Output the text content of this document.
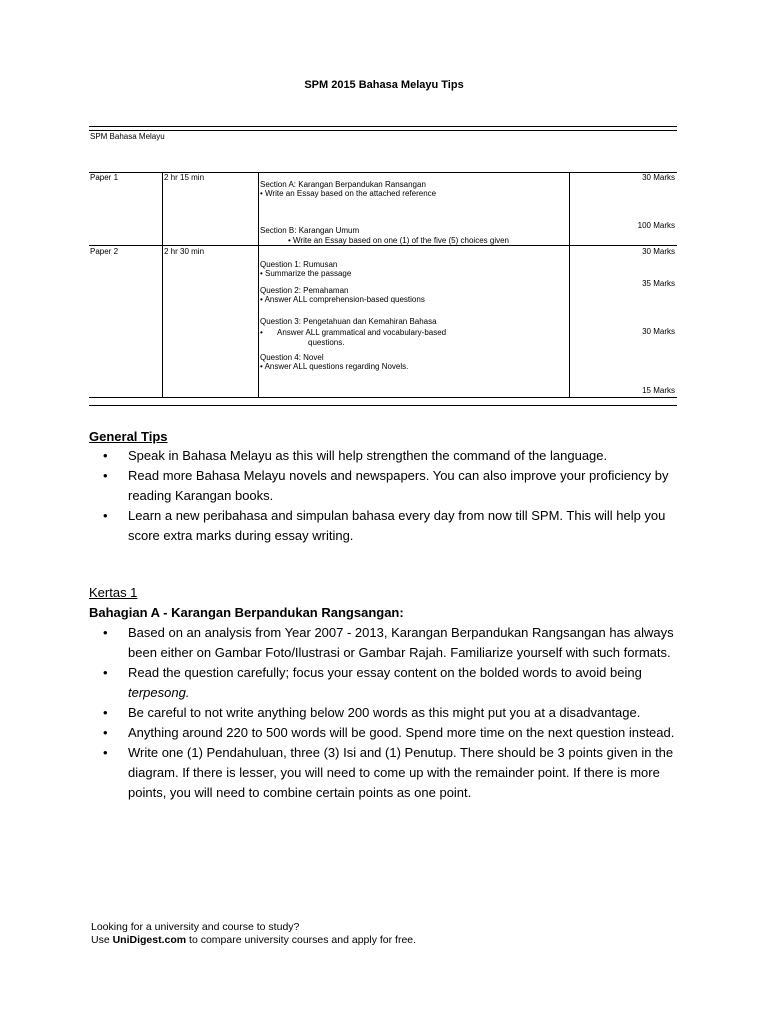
SPM 2015 Bahasa Melayu Tips
SPM Bahasa Melayu
Paper 1	2 hr 15 min
Section A: Karangan Berpandukan Ransangan
• Write an Essay based on the attached reference
Section B: Karangan Umum
• Write an Essay based on one (1) of the five (5) choices given
30 Marks
100 Marks
Paper 2	2 hr 30 min
Question 1: Rumusan
• Summarize the passage
Question 2: Pemahaman
• Answer ALL comprehension-based questions
Question 3: Pengetahuan dan Kemahiran Bahasa
• Answer ALL grammatical and vocabulary-based
questions.
Question 4: Novel
• Answer ALL questions regarding Novels.
30 Marks
35 Marks
30 Marks
15 Marks
General Tips
• Speak in Bahasa Melayu as this will help strengthen the command of the language.
• Read more Bahasa Melayu novels and newspapers. You can also improve your proficiency by reading Karangan books.
• Learn a new peribahasa and simpulan bahasa every day from now till SPM. This will help you score extra marks during essay writing.
Kertas 1
Bahagian A - Karangan Berpandukan Rangsangan:
• Based on an analysis from Year 2007 - 2013, Karangan Berpandukan Rangsangan has always been either on Gambar Foto/Ilustrasi or Gambar Rajah. Familiarize yourself with such formats.
• Read the question carefully; focus your essay content on the bolded words to avoid being terpesong.
• Be careful to not write anything below 200 words as this might put you at a disadvantage.
• Anything around 220 to 500 words will be good. Spend more time on the next question instead.
• Write one (1) Pendahuluan, three (3) Isi and (1) Penutup. There should be 3 points given in the diagram. If there is lesser, you will need to come up with the remainder point. If there is more points, you will need to combine certain points as one point.
Looking for a university and course to study?
Use UniDigest.com to compare university courses and apply for free.
